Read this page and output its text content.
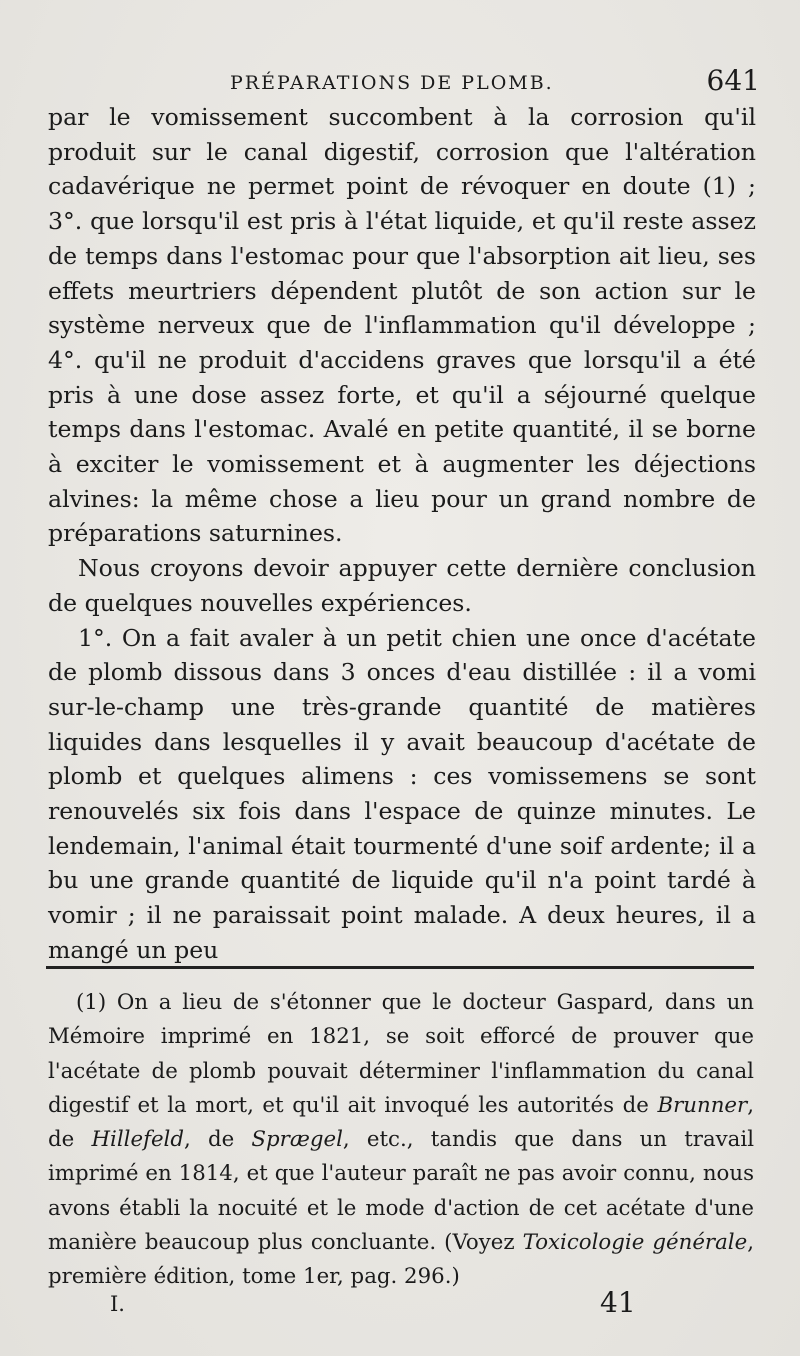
PRÉPARATIONS DE PLOMB.	641

par le vomissement succombent à la corrosion qu'il produit sur le canal digestif, corrosion que l'altération cadavérique ne permet point de révoquer en doute (1) ; 3°. que lorsqu'il est pris à l'état liquide, et qu'il reste assez de temps dans l'estomac pour que l'absorption ait lieu, ses effets meurtriers dépendent plutôt de son action sur le système nerveux que de l'inflammation qu'il développe ; 4°. qu'il ne produit d'accidens graves que lorsqu'il a été pris à une dose assez forte, et qu'il a séjourné quelque temps dans l'estomac. Avalé en petite quantité, il se borne à exciter le vomissement et à augmenter les déjections alvines: la même chose a lieu pour un grand nombre de préparations saturnines.

Nous croyons devoir appuyer cette dernière conclusion de quelques nouvelles expériences.

1°. On a fait avaler à un petit chien une once d'acétate de plomb dissous dans 3 onces d'eau distillée : il a vomi sur-le-champ une très-grande quantité de matières liquides dans lesquelles il y avait beaucoup d'acétate de plomb et quelques alimens : ces vomissemens se sont renouvelés six fois dans l'espace de quinze minutes. Le lendemain, l'animal était tourmenté d'une soif ardente; il a bu une grande quantité de liquide qu'il n'a point tardé à vomir ; il ne paraissait point malade. A deux heures, il a mangé un peu

(1) On a lieu de s'étonner que le docteur Gaspard, dans un Mémoire imprimé en 1821, se soit efforcé de prouver que l'acétate de plomb pouvait déterminer l'inflammation du canal digestif et la mort, et qu'il ait invoqué les autorités de Brunner, de Hillefeld, de Sprægel, etc., tandis que dans un travail imprimé en 1814, et que l'auteur paraît ne pas avoir connu, nous avons établi la nocuité et le mode d'action de cet acétate d'une manière beaucoup plus concluante. (Voyez Toxicologie générale, première édition, tome 1er, pag. 296.)

I.	41
